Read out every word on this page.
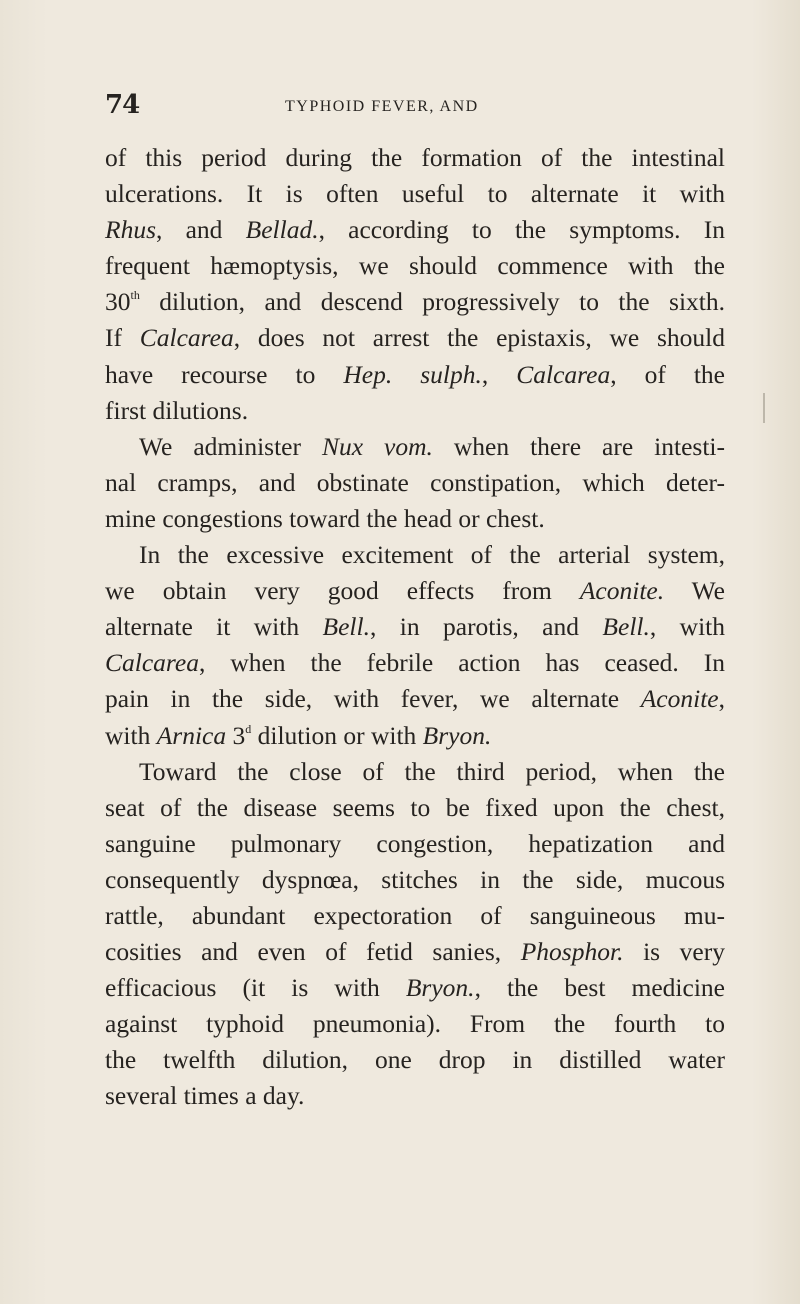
74	TYPHOID FEVER, AND
of this period during the formation of the intestinal
ulcerations. It is often useful to alternate it with
Rhus, and Bellad., according to the symptoms. In
frequent hæmoptysis, we should commence with the
30th dilution, and descend progressively to the sixth.
If Calcarea, does not arrest the epistaxis, we should
have recourse to Hep. sulph., Calcarea, of the
first dilutions.
We administer Nux vom. when there are intesti-
nal cramps, and obstinate constipation, which deter-
mine congestions toward the head or chest.
In the excessive excitement of the arterial system,
we obtain very good effects from Aconite. We
alternate it with Bell., in parotis, and Bell., with
Calcarea, when the febrile action has ceased. In
pain in the side, with fever, we alternate Aconite,
with Arnica 3$^d$ dilution or with Bryon.
Toward the close of the third period, when the
seat of the disease seems to be fixed upon the chest,
sanguine pulmonary congestion, hepatization and
consequently dyspnœa, stitches in the side, mucous
rattle, abundant expectoration of sanguineous mu-
cosities and even of fetid sanies, Phosphor. is very
efficacious (it is with Bryon., the best medicine
against typhoid pneumonia). From the fourth to
the twelfth dilution, one drop in distilled water
several times a day.
